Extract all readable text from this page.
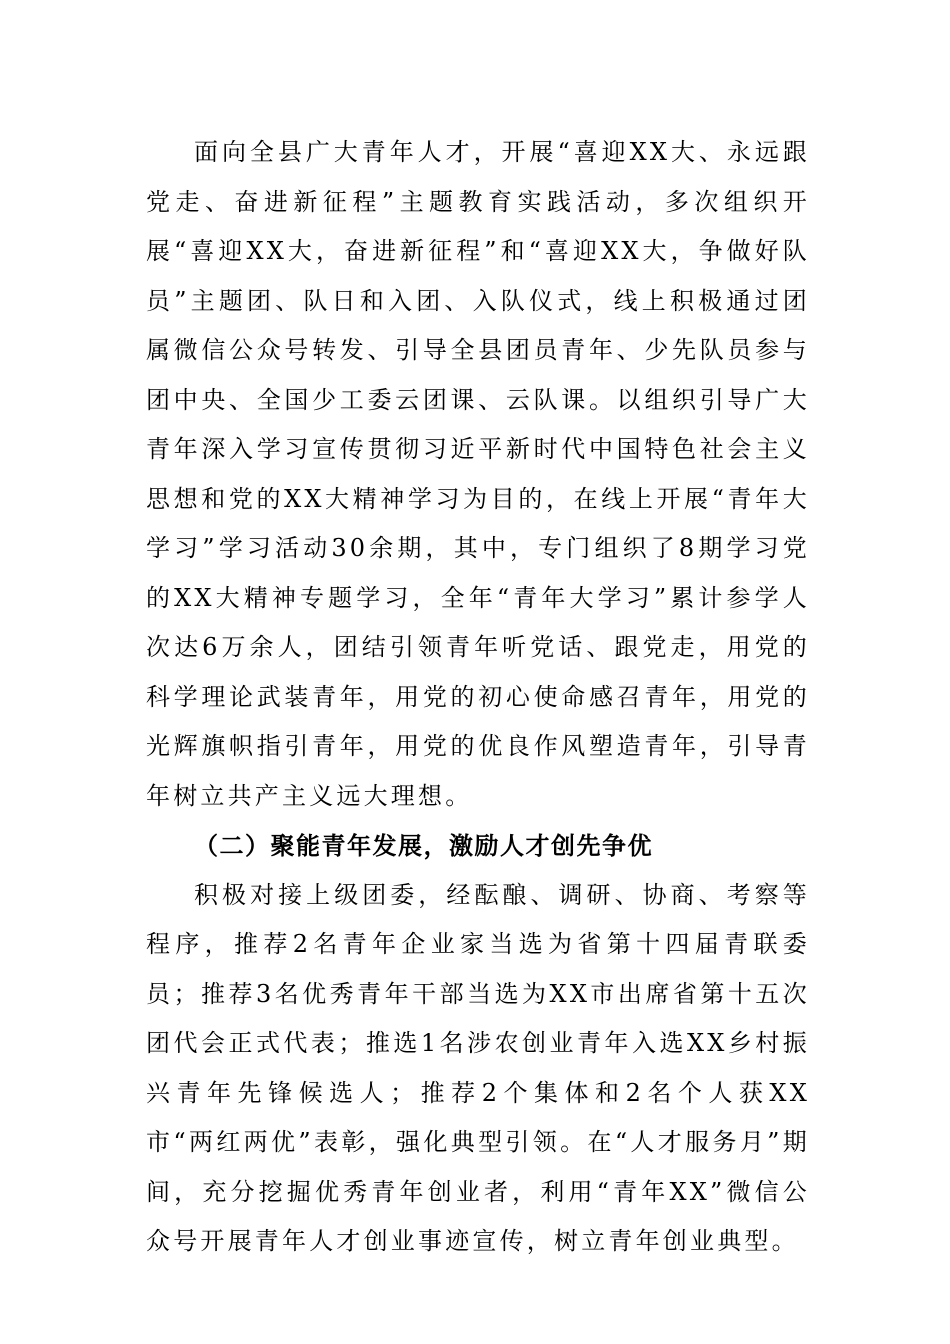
面向全县广大青年人才，开展“喜迎XX大、永远跟党走、奋进新征程”主题教育实践活动，多次组织开展“喜迎XX大，奋进新征程”和“喜迎XX大，争做好队员”主题团、队日和入团、入队仪式，线上积极通过团属微信公众号转发、引导全县团员青年、少先队员参与团中央、全国少工委云团课、云队课。以组织引导广大青年深入学习宣传贯彻习近平新时代中国特色社会主义思想和党的XX大精神学习为目的，在线上开展“青年大学习”学习活动30余期，其中，专门组织了8期学习党的XX大精神专题学习，全年“青年大学习”累计参学人次达6万余人，团结引领青年听党话、跟党走，用党的科学理论武装青年，用党的初心使命感召青年，用党的光辉旗帜指引青年，用党的优良作风塑造青年，引导青年树立共产主义远大理想。

（二）聚能青年发展，激励人才创先争优

积极对接上级团委，经酝酿、调研、协商、考察等程序，推荐2名青年企业家当选为省第十四届青联委员；推荐3名优秀青年干部当选为XX市出席省第十五次团代会正式代表；推选1名涉农创业青年入选XX乡村振兴青年先锋候选人；推荐2个集体和2名个人获XX市“两红两优”表彰，强化典型引领。在“人才服务月”期间，充分挖掘优秀青年创业者，利用“青年XX”微信公众号开展青年人才创业事迹宣传，树立青年创业典型。
